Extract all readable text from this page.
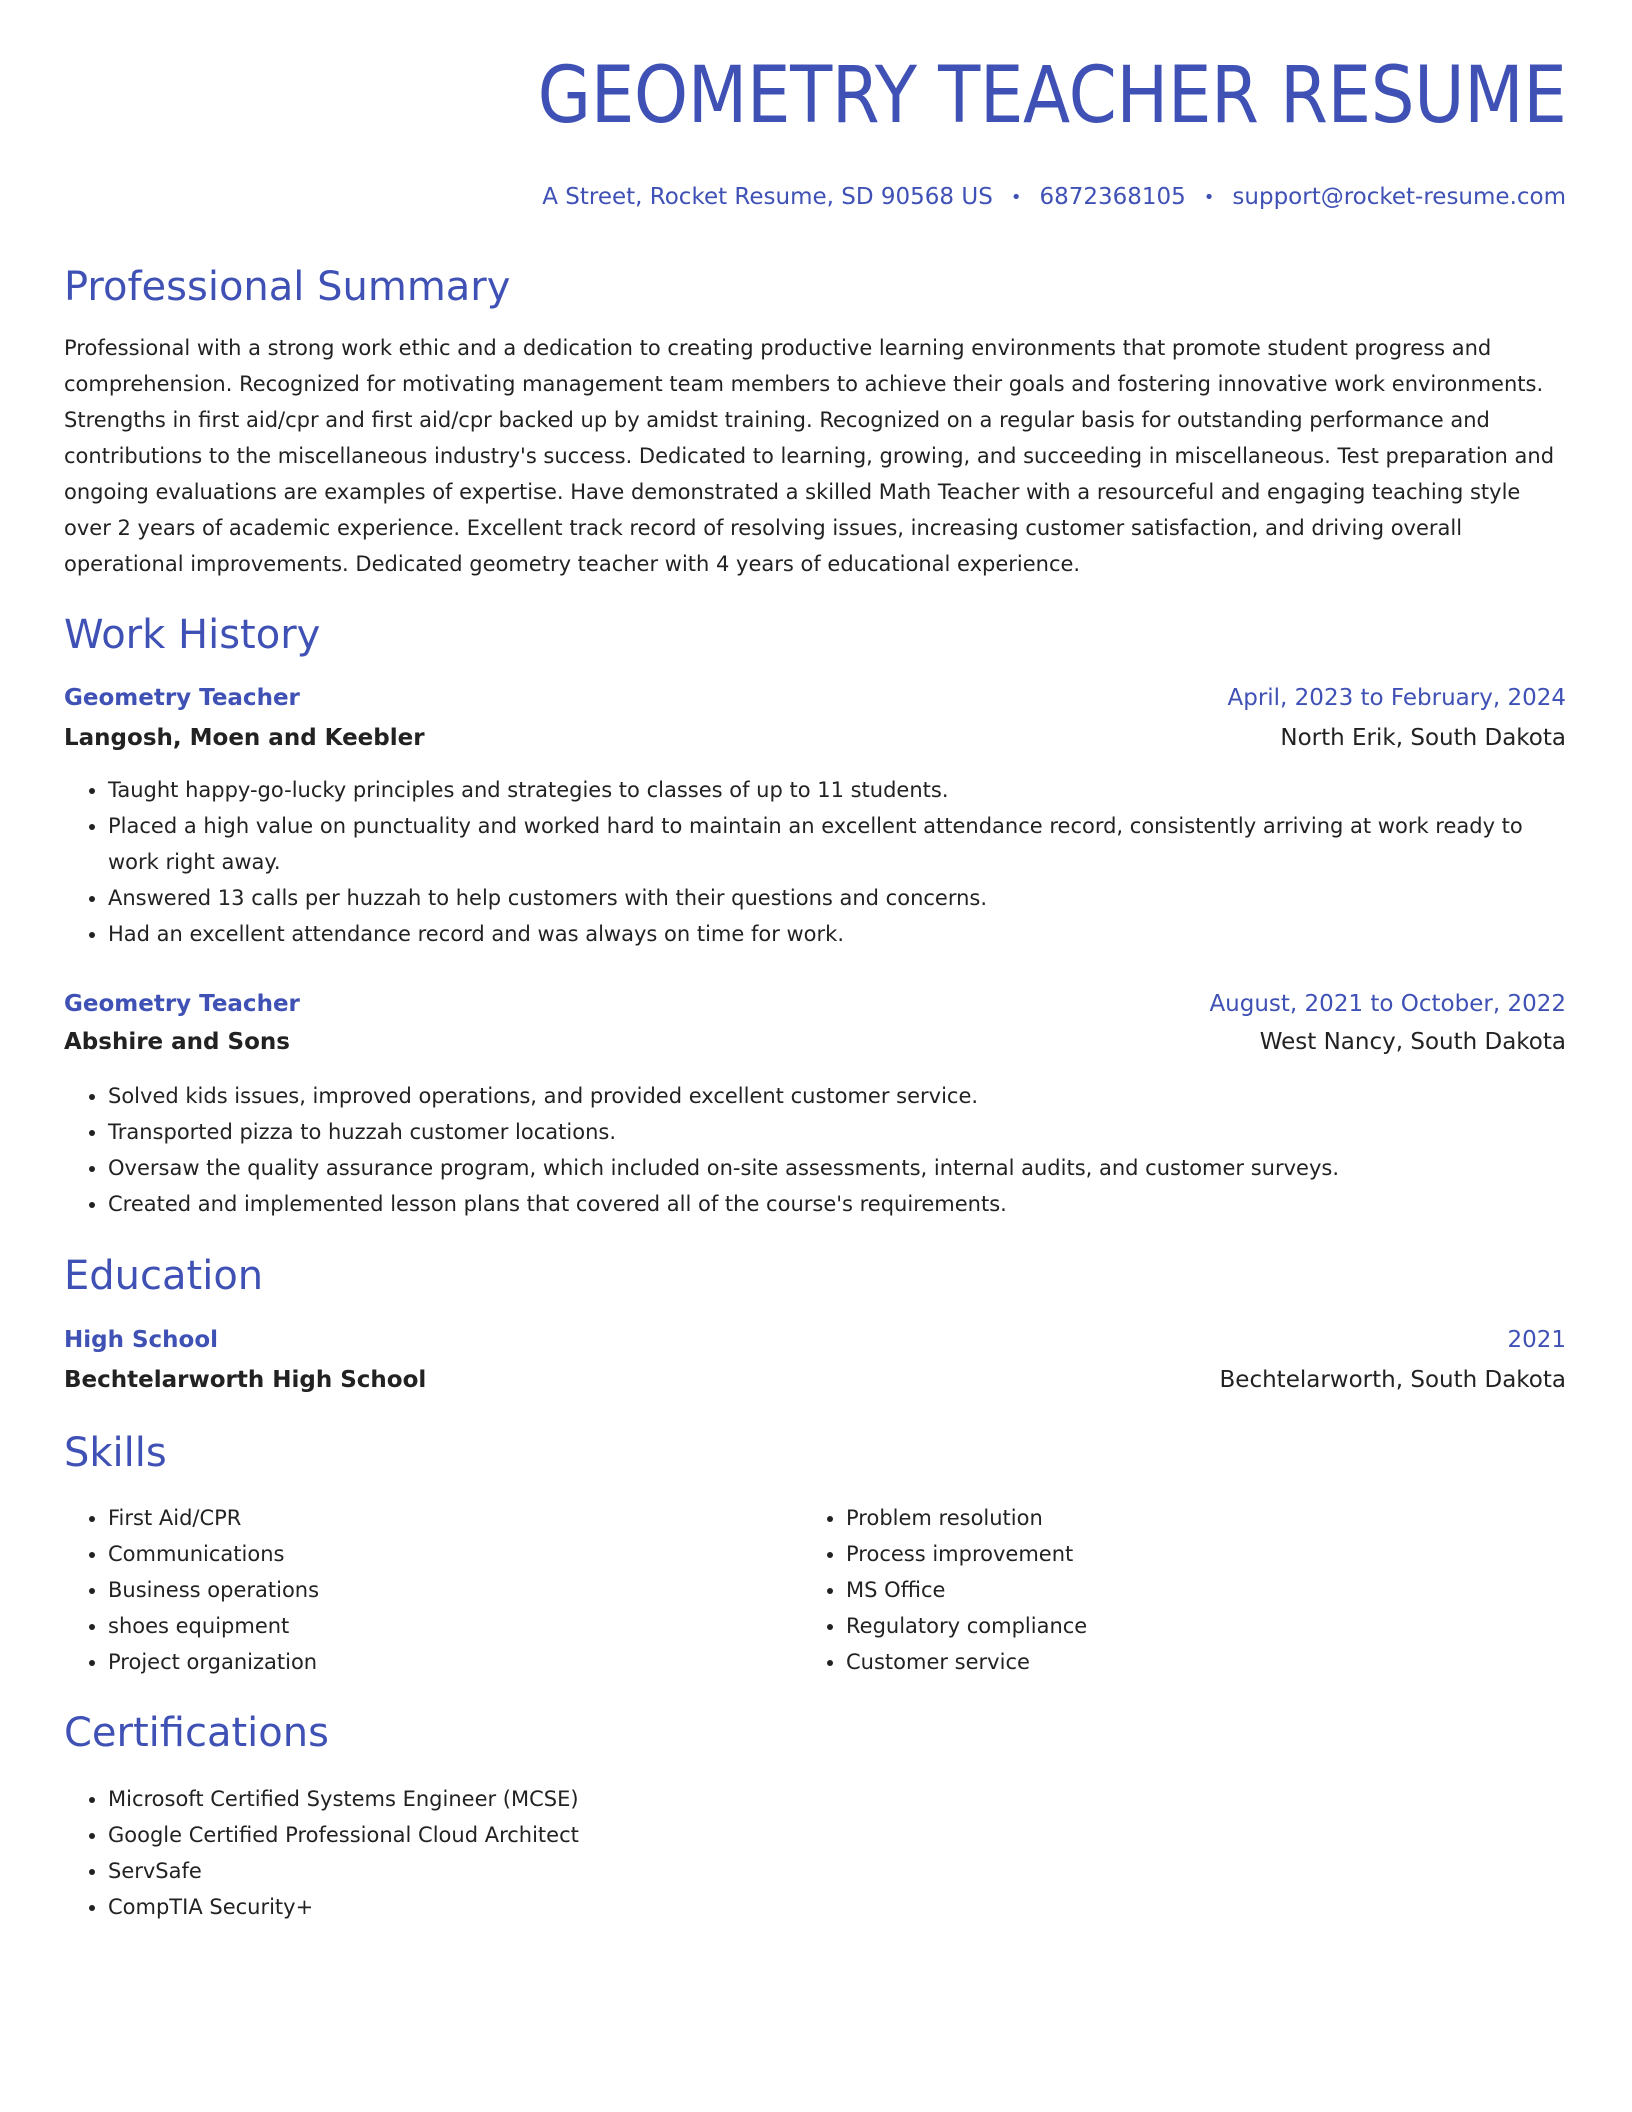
GEOMETRY TEACHER RESUME
A Street, Rocket Resume, SD 90568 US • 6872368105 • support@rocket-resume.com
Professional Summary

Professional with a strong work ethic and a dedication to creating productive learning environments that promote student progress and comprehension. Recognized for motivating management team members to achieve their goals and fostering innovative work environments. Strengths in first aid/cpr and first aid/cpr backed up by amidst training. Recognized on a regular basis for outstanding performance and contributions to the miscellaneous industry's success. Dedicated to learning, growing, and succeeding in miscellaneous. Test preparation and ongoing evaluations are examples of expertise. Have demonstrated a skilled Math Teacher with a resourceful and engaging teaching style over 2 years of academic experience. Excellent track record of resolving issues, increasing customer satisfaction, and driving overall operational improvements. Dedicated geometry teacher with 4 years of educational experience.

Work History
Geometry Teacher	April, 2023 to February, 2024
Langosh, Moen and Keebler	North Erik, South Dakota
• Taught happy-go-lucky principles and strategies to classes of up to 11 students.
• Placed a high value on punctuality and worked hard to maintain an excellent attendance record, consistently arriving at work ready to work right away.
• Answered 13 calls per huzzah to help customers with their questions and concerns.
• Had an excellent attendance record and was always on time for work.
Geometry Teacher	August, 2021 to October, 2022
Abshire and Sons	West Nancy, South Dakota
• Solved kids issues, improved operations, and provided excellent customer service.
• Transported pizza to huzzah customer locations.
• Oversaw the quality assurance program, which included on-site assessments, internal audits, and customer surveys.
• Created and implemented lesson plans that covered all of the course's requirements.
Education
High School	2021
Bechtelarworth High School	Bechtelarworth, South Dakota
Skills
• First Aid/CPR
• Communications
• Business operations
• shoes equipment
• Project organization
• Problem resolution
• Process improvement
• MS Office
• Regulatory compliance
• Customer service
Certifications
• Microsoft Certified Systems Engineer (MCSE)
• Google Certified Professional Cloud Architect
• ServSafe
• CompTIA Security+
